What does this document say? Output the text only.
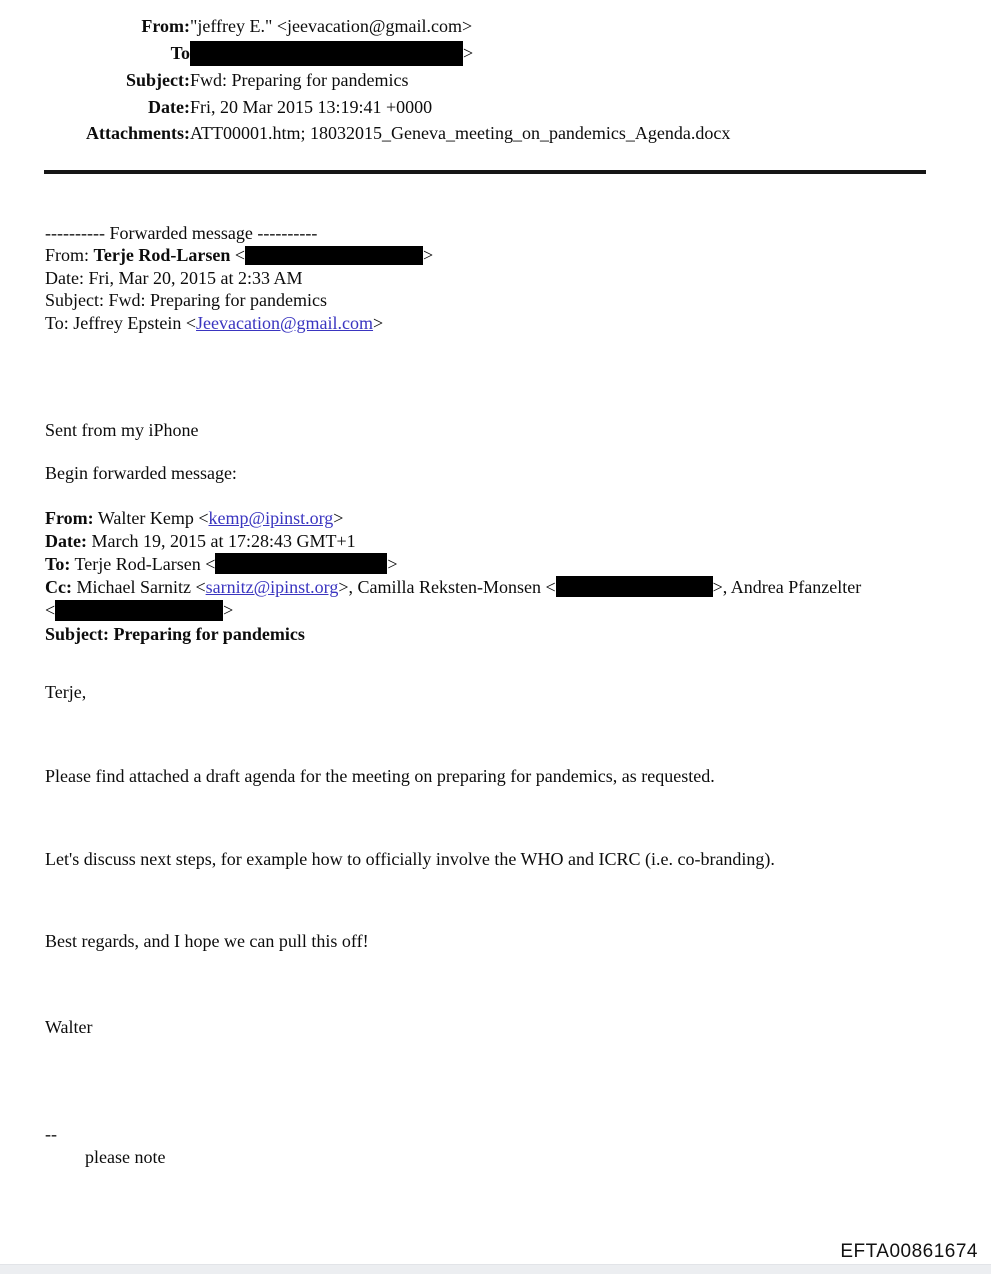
From:	"jeffrey E." <jeevacation@gmail.com>
To	>
Subject:	Fwd: Preparing for pandemics
Date:	Fri, 20 Mar 2015 13:19:41 +0000
Attachments:	ATT00001.htm; 18032015_Geneva_meeting_on_pandemics_Agenda.docx
---------- Forwarded message ----------
From: Terje Rod-Larsen <	>
Date: Fri, Mar 20, 2015 at 2:33 AM
Subject: Fwd: Preparing for pandemics
To: Jeffrey Epstein <Jeevacation@gmail.com>
Sent from my iPhone
Begin forwarded message:
From: Walter Kemp <kemp@ipinst.org>
Date: March 19, 2015 at 17:28:43 GMT+1
To: Terje Rod-Larsen <	>
Cc: Michael Sarnitz <sarnitz@ipinst.org>, Camilla Reksten-Monsen <	>, Andrea Pfanzelter
<	>
Subject: Preparing for pandemics
Terje,
Please find attached a draft agenda for the meeting on preparing for pandemics, as requested.
Let's discuss next steps, for example how to officially involve the WHO and ICRC (i.e. co-branding).
Best regards, and I hope we can pull this off!
Walter
--
please note
EFTA00861674
